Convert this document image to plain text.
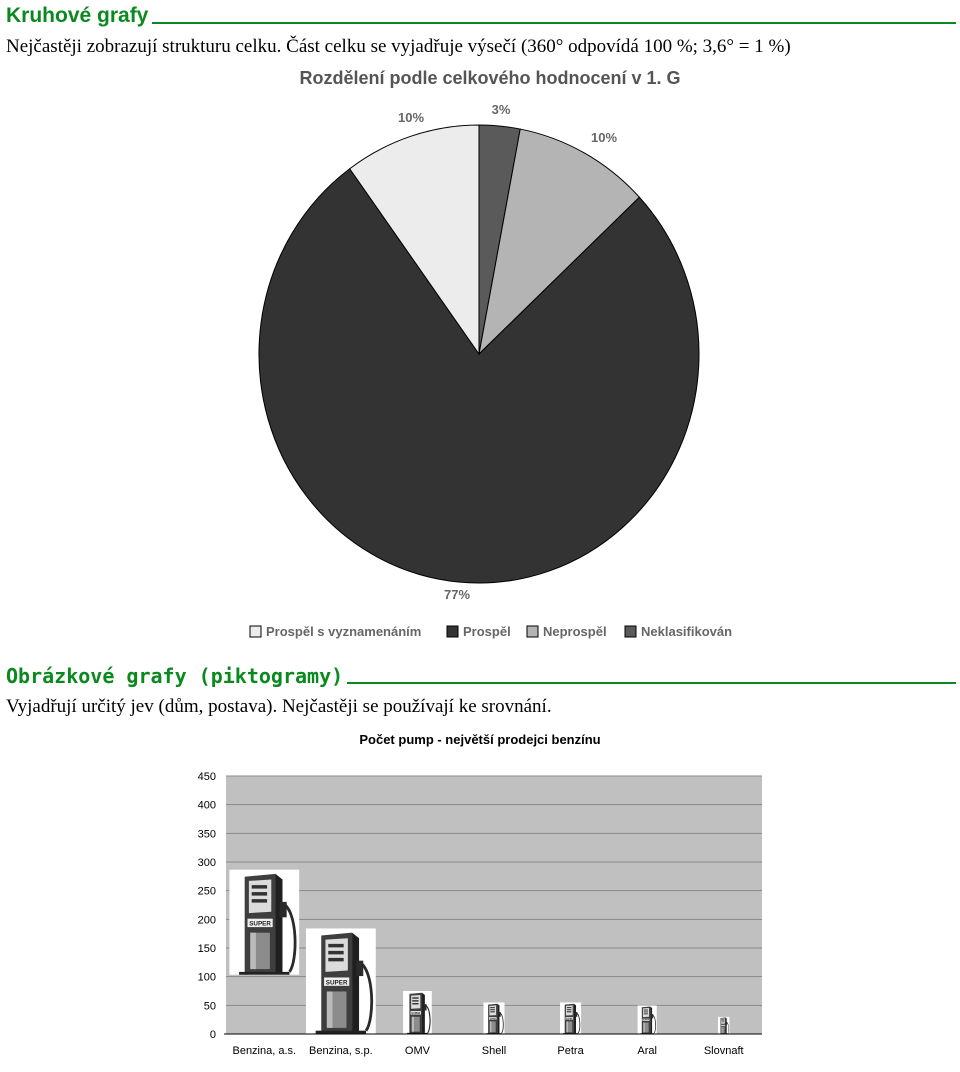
Kruhové grafy
Nejčastěji zobrazují strukturu celku. Část celku se vyjadřuje výsečí (360° odpovídá 100 %; 3,6° = 1 %)
Rozdělení podle celkového hodnocení v 1. G
3%
10%
77%
10%
Prospěl s vyznamenáním	Prospěl Neprospěl	Neklasifikován
Obrázkové grafy (piktogramy)
Vyjadřují určitý jev (dům, postava). Nejčastěji se používají ke srovnání.
Počet pump - největší prodejci benzínu
0
50
100
150
200
250
300
350
400
450
Benzina, a.s. Benzina, s.p.	OMV	Shell	Petra	Aral	Slovnaft
